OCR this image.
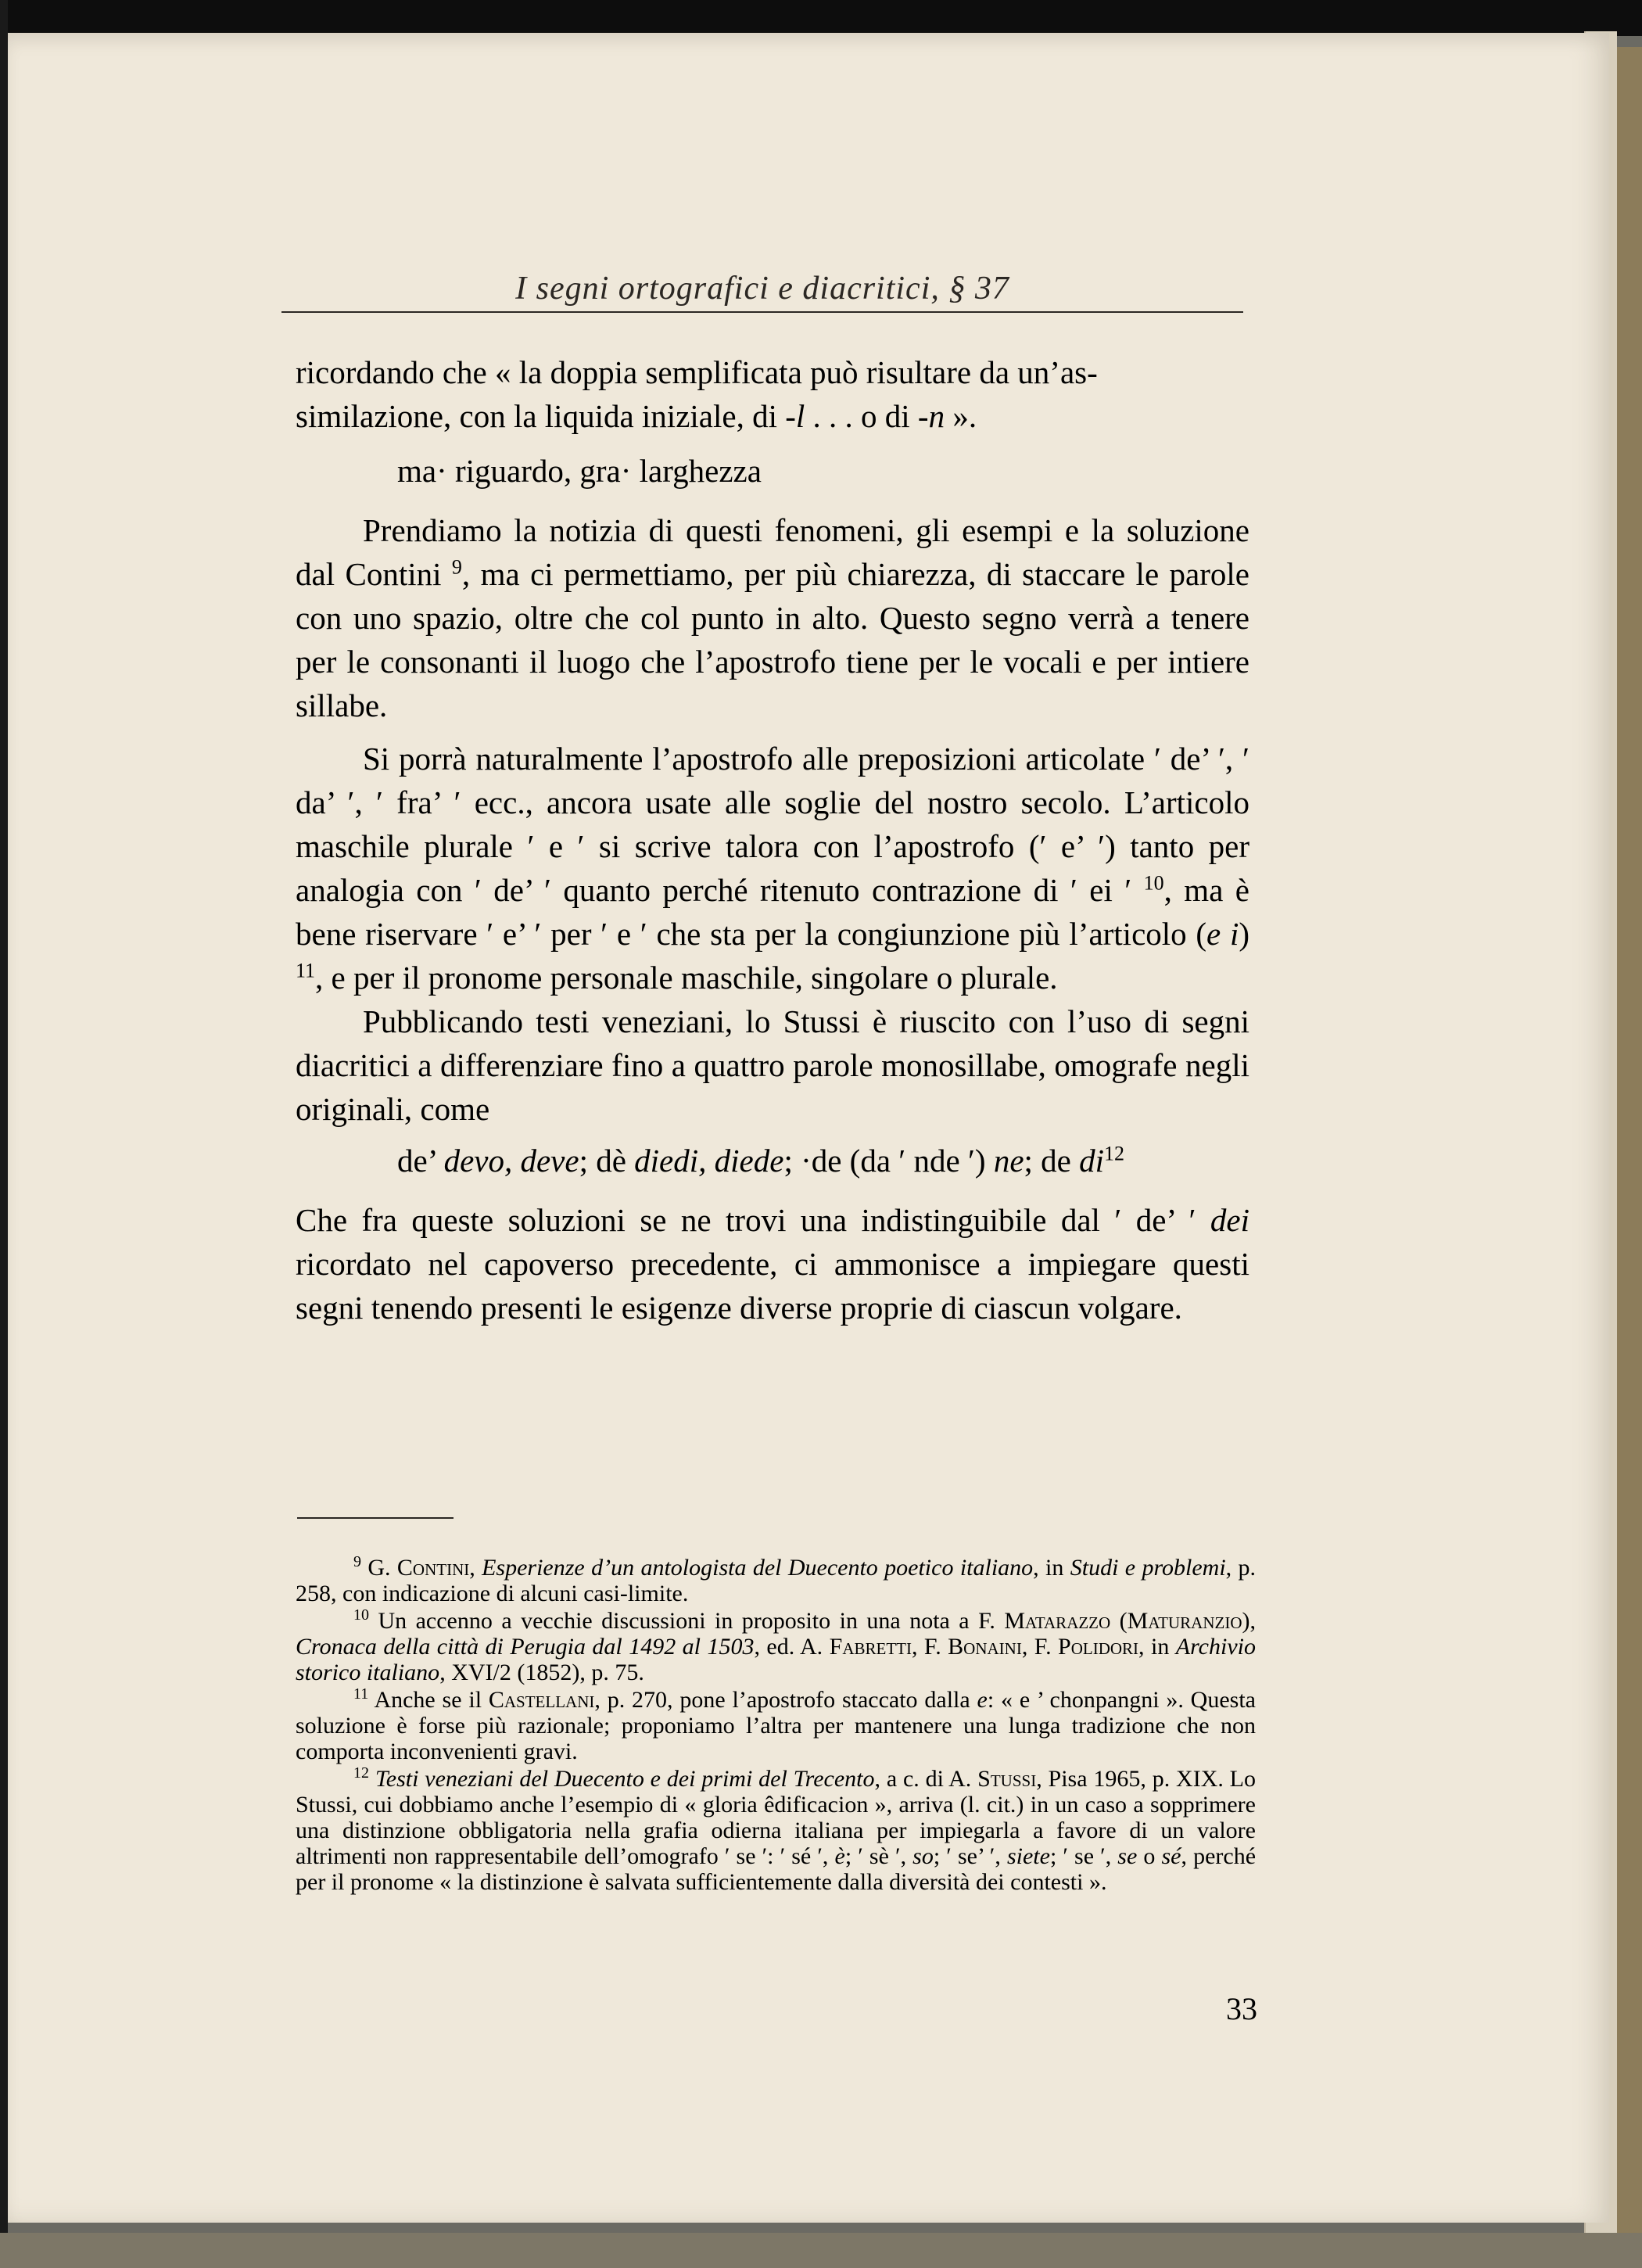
I segni ortografici e diacritici, § 37

ricordando che « la doppia semplificata può risultare da un’as-
similazione, con la liquida iniziale, di -l . . . o di -n ».

ma· riguardo, gra· larghezza

Prendiamo la notizia di questi fenomeni, gli esempi e la soluzione dal Contini $^9$, ma ci permettiamo, per più chiarezza, di staccare le parole con uno spazio, oltre che col punto in alto. Questo segno verrà a tenere per le consonanti il luogo che l’apostrofo tiene per le vocali e per intiere sillabe.

Si porrà naturalmente l’apostrofo alle preposizioni articolate ′ de’ ′, ′ da’ ′, ′ fra’ ′ ecc., ancora usate alle soglie del nostro secolo. L’articolo maschile plurale ′ e ′ si scrive talora con l’apostrofo (′ e’ ′) tanto per analogia con ′ de’ ′ quanto perché ritenuto contrazione di ′ ei ′ $^{10}$, ma è bene riservare ′ e’ ′ per ′ e ′ che sta per la congiunzione più l’articolo (e i) $^{11}$, e per il pronome personale maschile, singolare o plurale.

Pubblicando testi veneziani, lo Stussi è riuscito con l’uso di segni diacritici a differenziare fino a quattro parole monosillabe, omografe negli originali, come

de’ devo, deve; dè diedi, diede; ·de (da ′ nde ′) ne; de $di^{12}$

Che fra queste soluzioni se ne trovi una indistinguibile dal ′ de’ ′ dei ricordato nel capoverso precedente, ci ammonisce a impiegare questi segni tenendo presenti le esigenze diverse proprie di ciascun volgare.

$^9$ G. Contini, Esperienze d’un antologista del Duecento poetico italiano, in Studi e problemi, p. 258, con indicazione di alcuni casi-limite.

$^{10}$ Un accenno a vecchie discussioni in proposito in una nota a F. Matarazzo (Maturanzio), Cronaca della città di Perugia dal 1492 al 1503, ed. A. Fabretti, F. Bonaini, F. Polidori, in Archivio storico italiano, XVI/2 (1852), p. 75.

$^{11}$ Anche se il Castellani, p. 270, pone l’apostrofo staccato dalla e: « e ’ chonpangni ». Questa soluzione è forse più razionale; proponiamo l’altra per mantenere una lunga tradizione che non comporta inconvenienti gravi.

$^{12}$ Testi veneziani del Duecento e dei primi del Trecento, a c. di A. Stussi, Pisa 1965, p. XIX. Lo Stussi, cui dobbiamo anche l’esempio di « gloria êdificacion », arriva (l. cit.) in un caso a sopprimere una distinzione obbligatoria nella grafia odierna italiana per impiegarla a favore di un valore altrimenti non rappresentabile dell’omografo ′ se ′: ′ sé ′, è; ′ sè ′, so; ′ se’ ′, siete; ′ se ′, se o sé, perché per il pronome « la distinzione è salvata sufficientemente dalla diversità dei contesti ».

33
